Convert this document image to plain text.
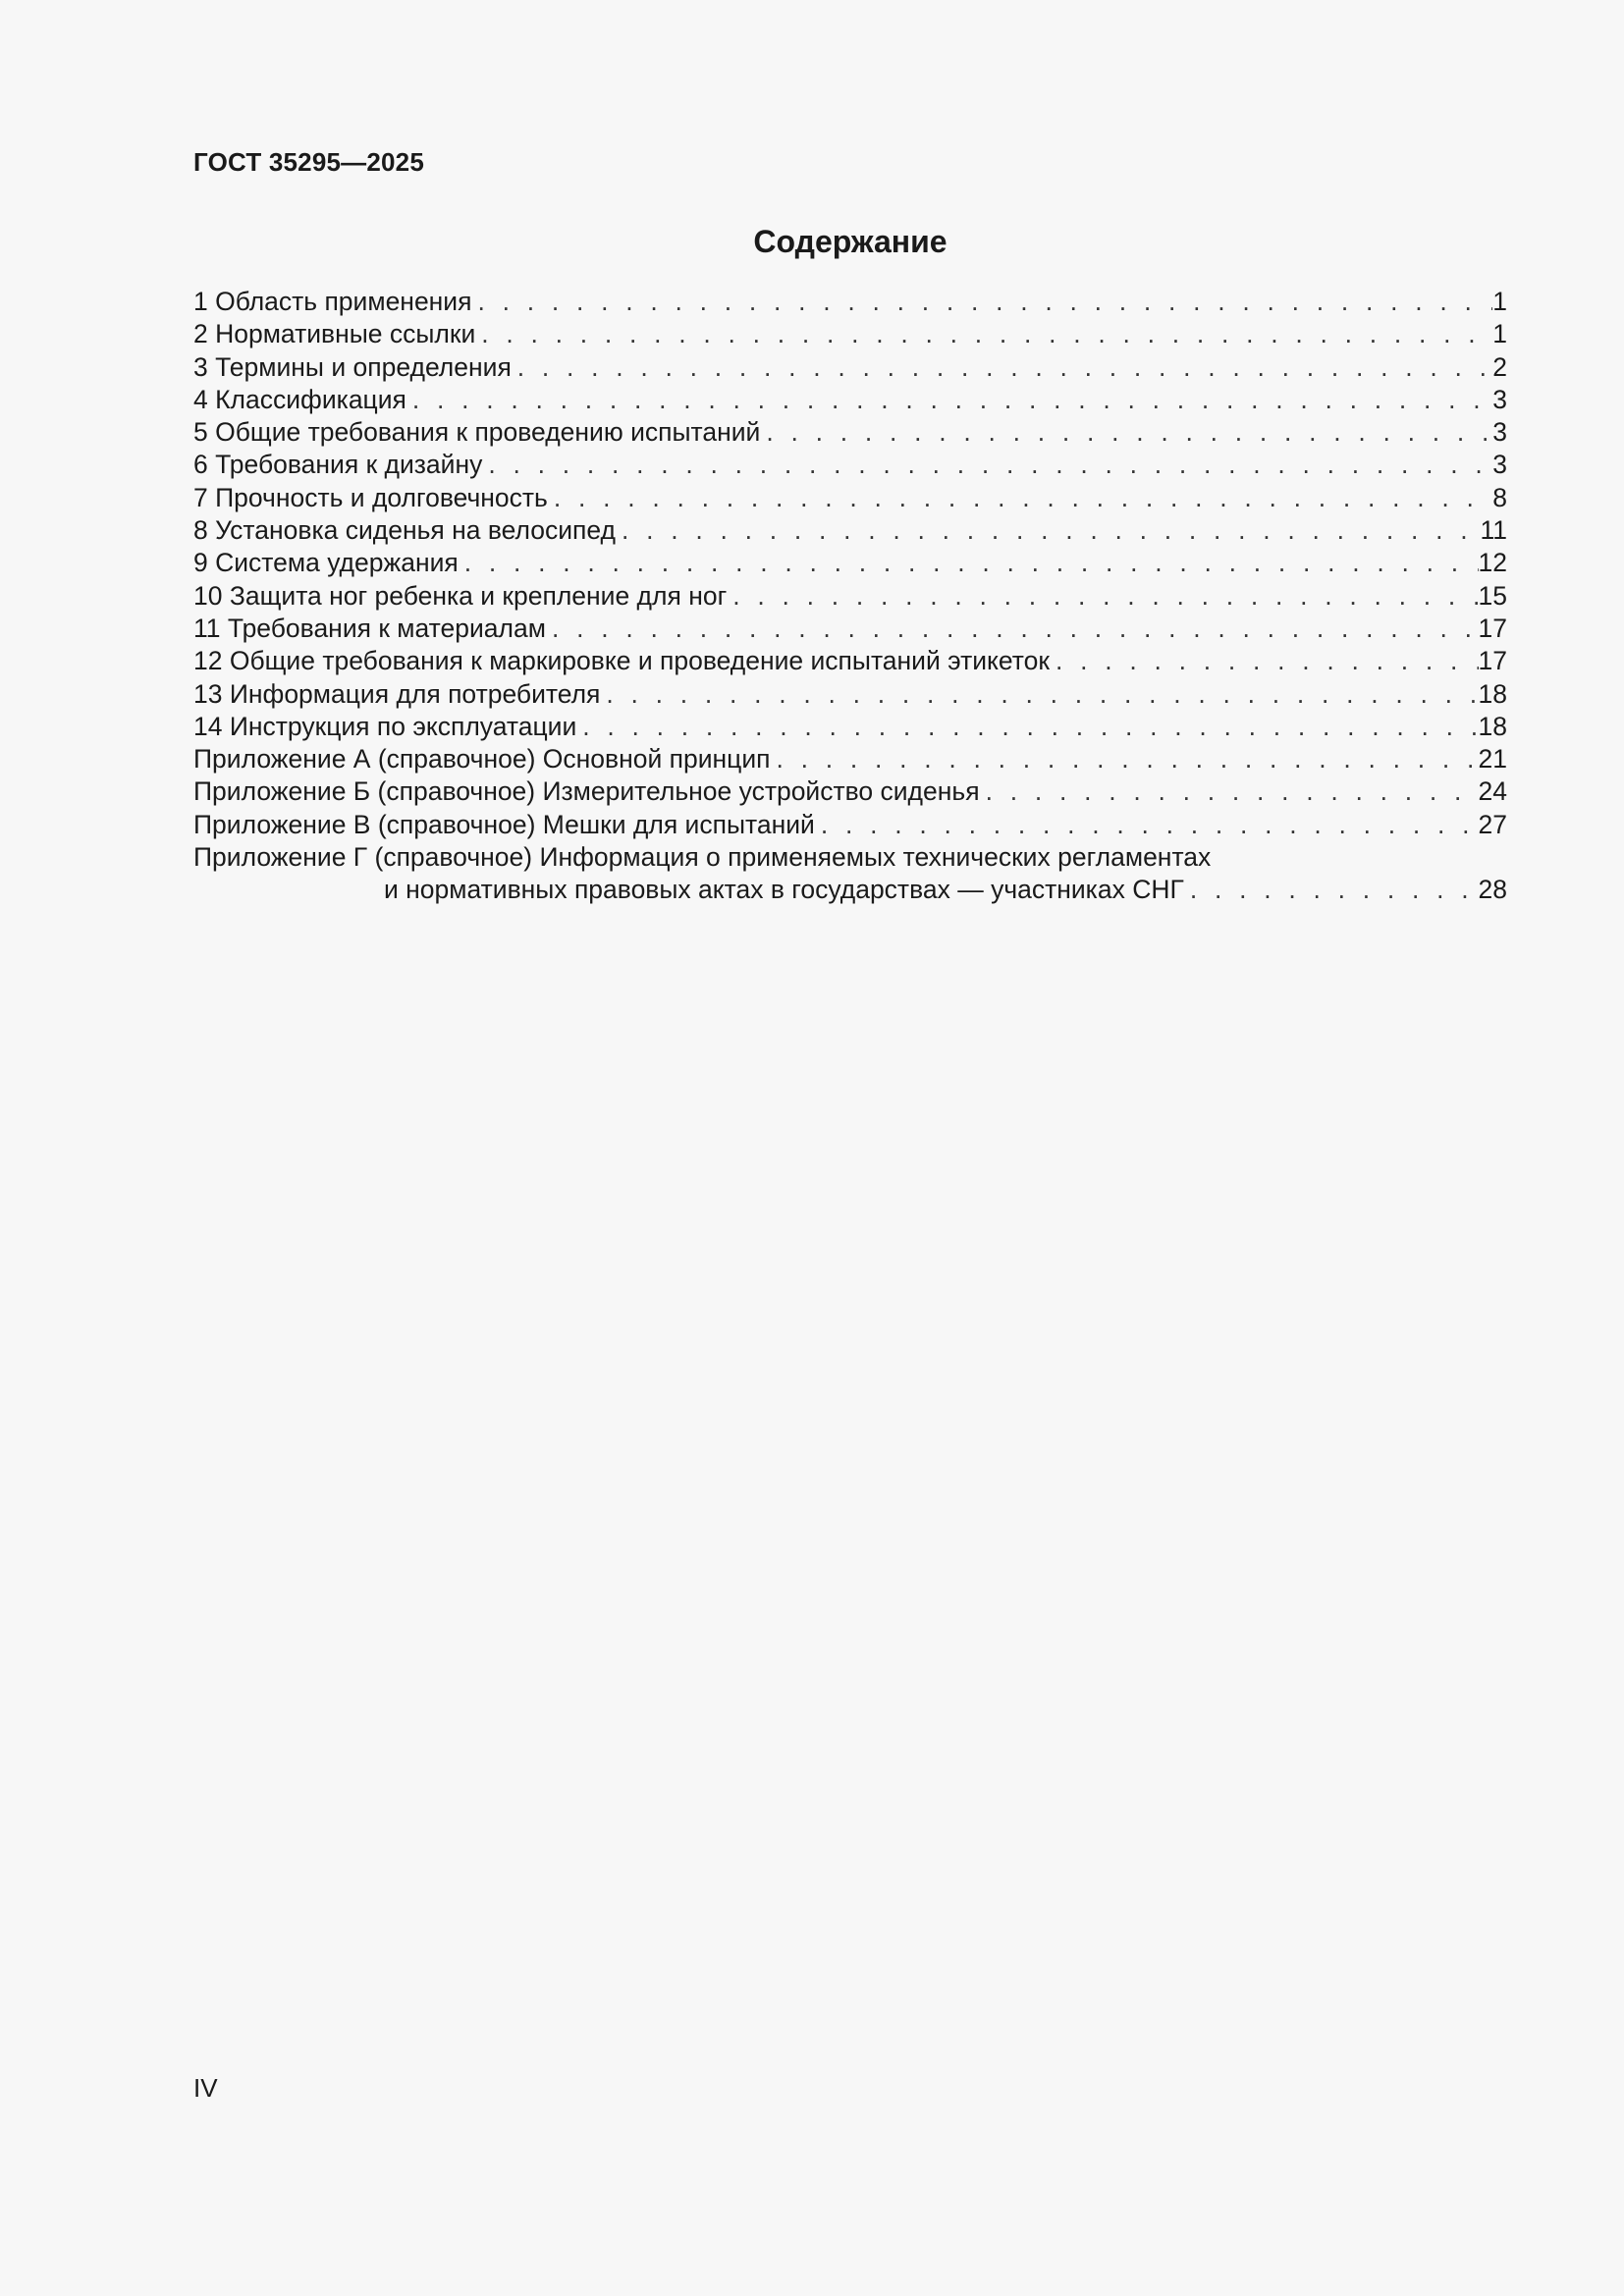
ГОСТ 35295—2025
Содержание
1 Область применения . . .	1
2 Нормативные ссылки . . .	1
3 Термины и определения . . .	2
4 Классификация . . .	3
5 Общие требования к проведению испытаний . . .	3
6 Требования к дизайну . . .	3
7 Прочность и долговечность . . .	8
8 Установка сиденья на велосипед . . .	11
9 Система удержания . . .	12
10 Защита ног ребенка и крепление для ног . . .	15
11 Требования к материалам . . .	17
12 Общие требования к маркировке и проведение испытаний этикеток . . .	17
13 Информация для потребителя . . .	18
14 Инструкция по эксплуатации . . .	18
Приложение А (справочное) Основной принцип . . .	21
Приложение Б (справочное) Измерительное устройство сиденья . . .	24
Приложение В (справочное) Мешки для испытаний . . .	27
Приложение Г (справочное) Информация о применяемых технических регламентах
и нормативных правовых актах в государствах — участниках СНГ . . .	28
IV
